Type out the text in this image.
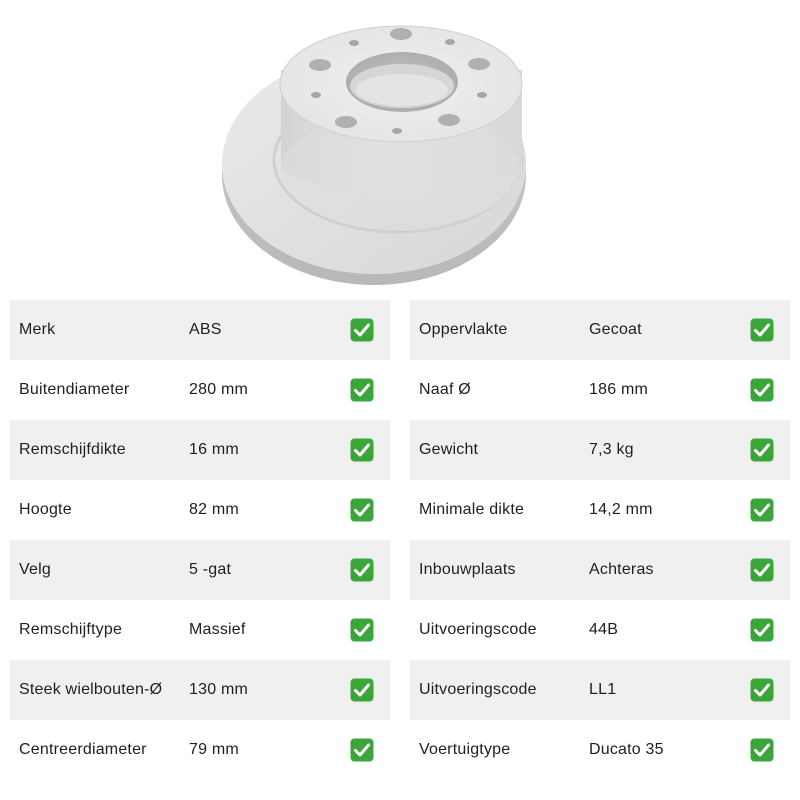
Merk	ABS
Buitendiameter	280 mm
Remschijfdikte	16 mm
Hoogte	82 mm
Velg	5 -gat
Remschijftype	Massief
Steek wielbouten-Ø 130 mm
Centreerdiameter	79 mm
Oppervlakte	Gecoat
Naaf Ø	186 mm
Gewicht	7,3 kg
Minimale dikte	14,2 mm
Inbouwplaats	Achteras
Uitvoeringscode	44B
Uitvoeringscode	LL1
Voertuigtype	Ducato 35
